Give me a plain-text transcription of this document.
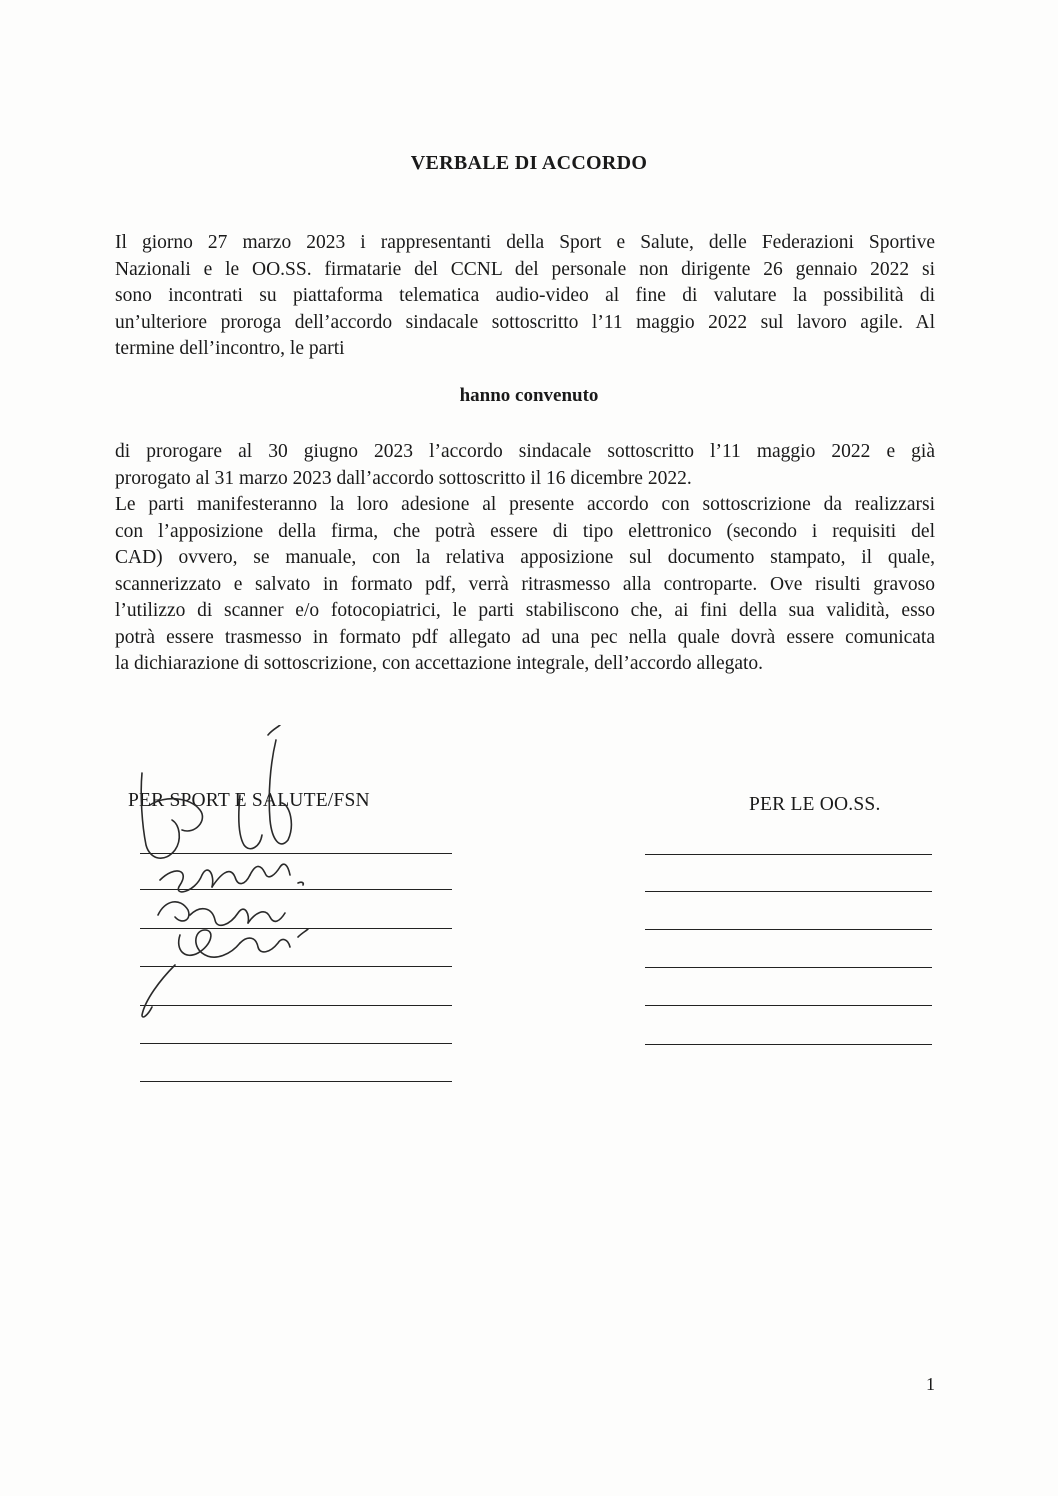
VERBALE DI ACCORDO
Il giorno 27 marzo 2023 i rappresentanti della Sport e Salute, delle Federazioni Sportive
Nazionali e le OO.SS. firmatarie del CCNL del personale non dirigente 26 gennaio 2022 si
sono incontrati su piattaforma telematica audio-video al fine di valutare la possibilità di
un’ulteriore proroga dell’accordo sindacale sottoscritto l’11 maggio 2022 sul lavoro agile. Al
termine dell’incontro, le parti
hanno convenuto
di prorogare al 30 giugno 2023 l’accordo sindacale sottoscritto l’11 maggio 2022 e già
prorogato al 31 marzo 2023 dall’accordo sottoscritto il 16 dicembre 2022.
Le parti manifesteranno la loro adesione al presente accordo con sottoscrizione da realizzarsi
con l’apposizione della firma, che potrà essere di tipo elettronico (secondo i requisiti del
CAD) ovvero, se manuale, con la relativa apposizione sul documento stampato, il quale,
scannerizzato e salvato in formato pdf, verrà ritrasmesso alla controparte. Ove risulti gravoso
l’utilizzo di scanner e/o fotocopiatrici, le parti stabiliscono che, ai fini della sua validità, esso
potrà essere trasmesso in formato pdf allegato ad una pec nella quale dovrà essere comunicata
la dichiarazione di sottoscrizione, con accettazione integrale, dell’accordo allegato.
PER SPORT E SALUTE/FSN	PER LE OO.SS.
1
